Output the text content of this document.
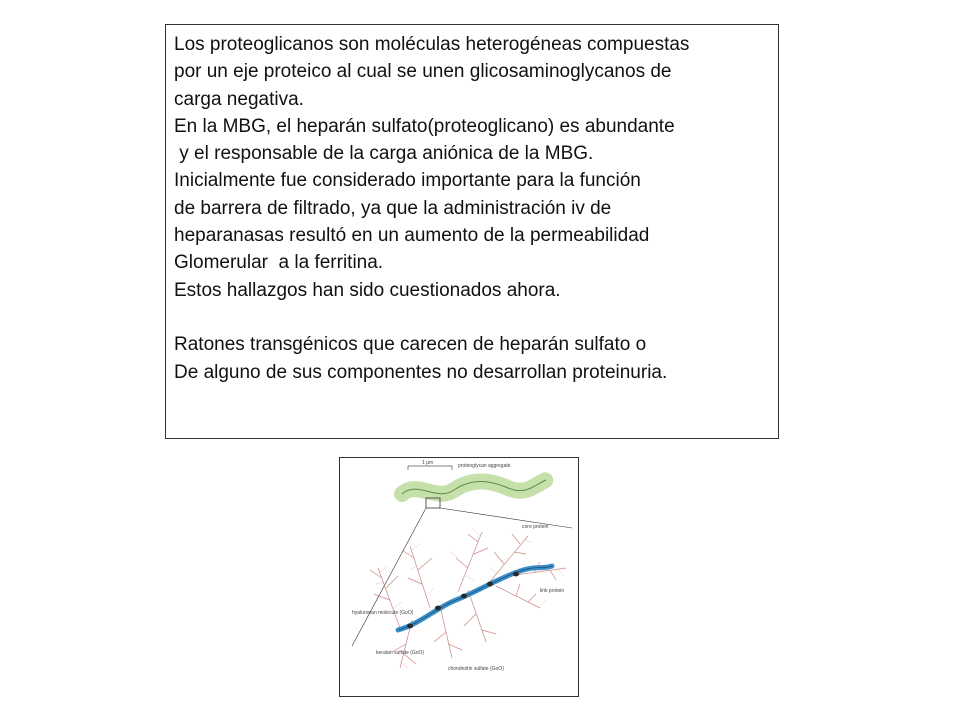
Los proteoglicanos son moléculas heterogéneas compuestas
por un eje proteico al cual se unen glicosaminoglycanos de
carga negativa.
En la MBG, el heparán sulfato(proteoglicano) es abundante
y el responsable de la carga aniónica de la MBG.
Inicialmente fue considerado importante para la función
de barrera de filtrado, ya que la administración iv de
heparanasas resultó en un aumento de la permeabilidad
Glomerular  a la ferritina.
Estos hallazgos han sido cuestionados ahora.
Ratones transgénicos que carecen de heparán sulfato o
De alguno de sus componentes no desarrollan proteinuria.
1 μm	proteoglycan aggregate
core protein
link protein
hyaluronan molecule (GoO)
keratan sulfate (GoO)
chondroitin sulfate (GoO)
